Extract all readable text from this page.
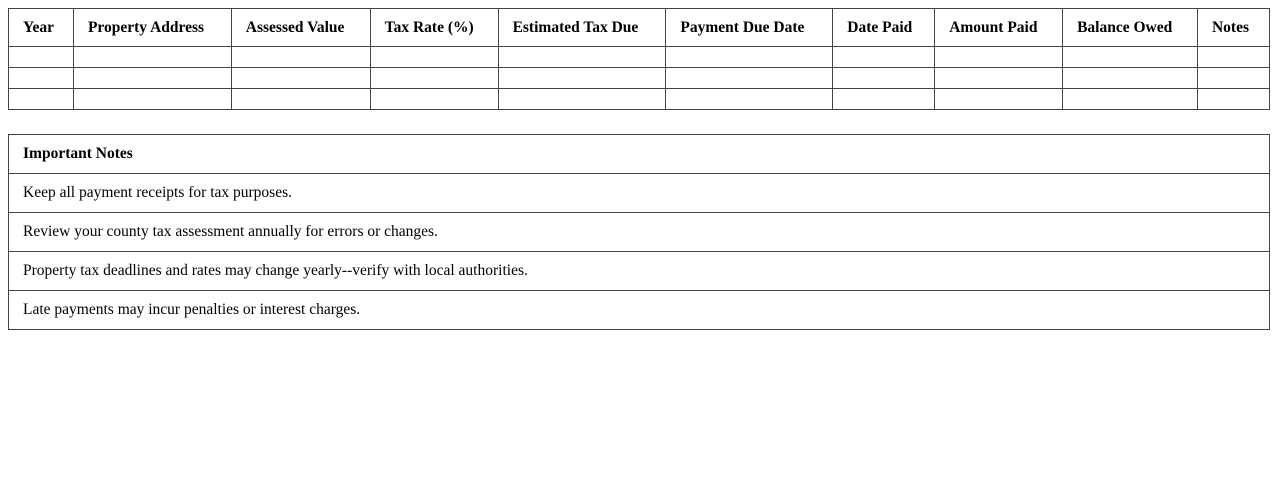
Year	Property Address	Assessed Value	Tax Rate (%)	Estimated Tax Due	Payment Due Date	Date Paid	Amount Paid	Balance Owed	Notes

Important Notes
Keep all payment receipts for tax purposes.
Review your county tax assessment annually for errors or changes.
Property tax deadlines and rates may change yearly--verify with local authorities.
Late payments may incur penalties or interest charges.
